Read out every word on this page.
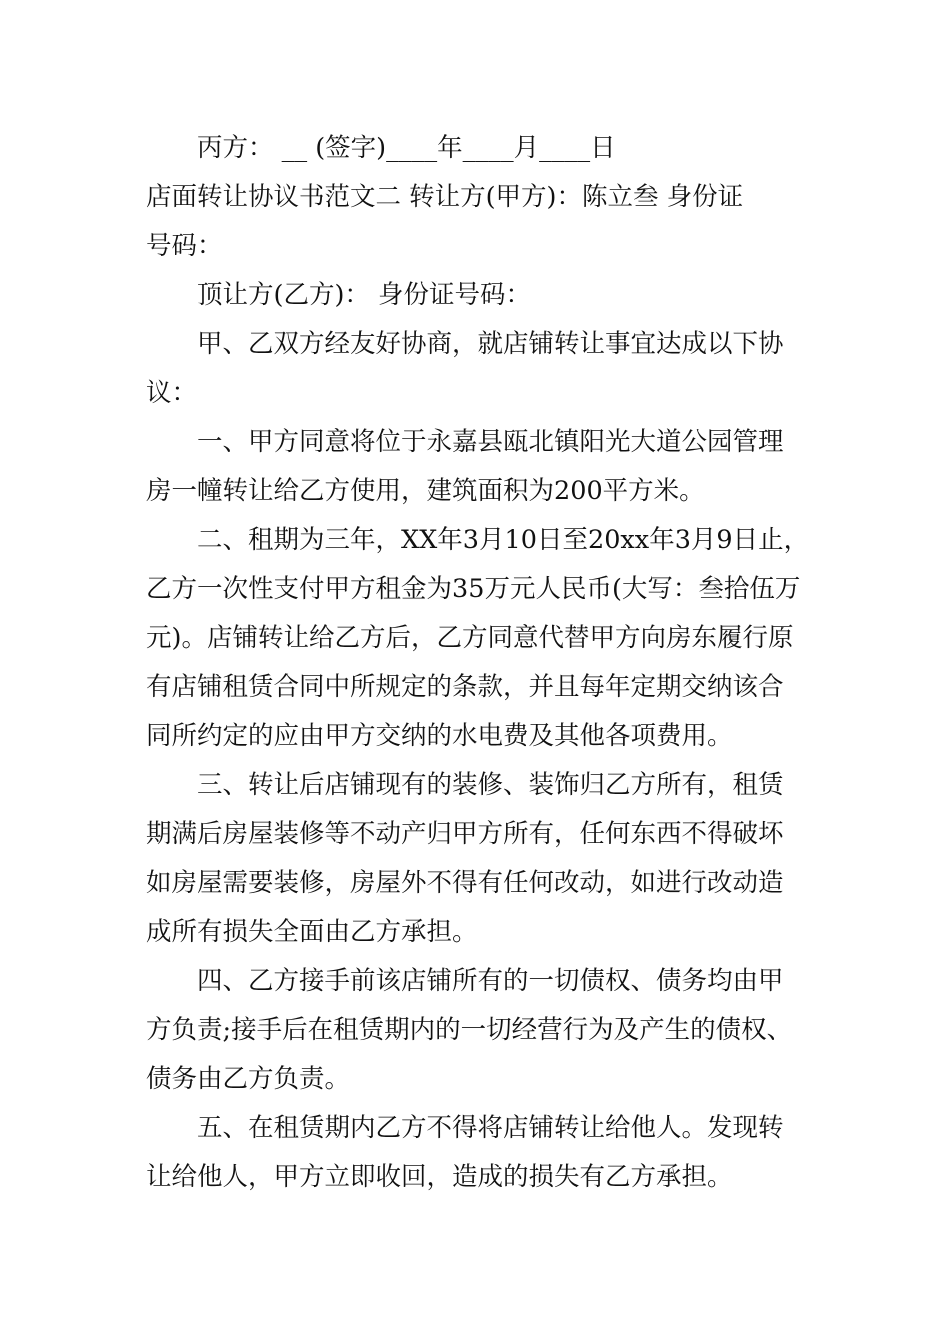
丙方： __ (签字)____年____月____日
店面转让协议书范文二 转让方(甲方)：陈立叁 身份证
号码：
顶让方(乙方)： 身份证号码：
甲、乙双方经友好协商，就店铺转让事宜达成以下协
议：
一、甲方同意将位于永嘉县瓯北镇阳光大道公园管理
房一幢转让给乙方使用，建筑面积为200平方米。
二、租期为三年，XX年3月10日至20xx年3月9日止，
乙方一次性支付甲方租金为35万元人民币(大写：叁拾伍万
元)。店铺转让给乙方后，乙方同意代替甲方向房东履行原
有店铺租赁合同中所规定的条款，并且每年定期交纳该合
同所约定的应由甲方交纳的水电费及其他各项费用。
三、转让后店铺现有的装修、装饰归乙方所有，租赁
期满后房屋装修等不动产归甲方所有，任何东西不得破坏
如房屋需要装修，房屋外不得有任何改动，如进行改动造
成所有损失全面由乙方承担。
四、乙方接手前该店铺所有的一切债权、债务均由甲
方负责;接手后在租赁期内的一切经营行为及产生的债权、
债务由乙方负责。
五、在租赁期内乙方不得将店铺转让给他人。发现转
让给他人，甲方立即收回，造成的损失有乙方承担。
